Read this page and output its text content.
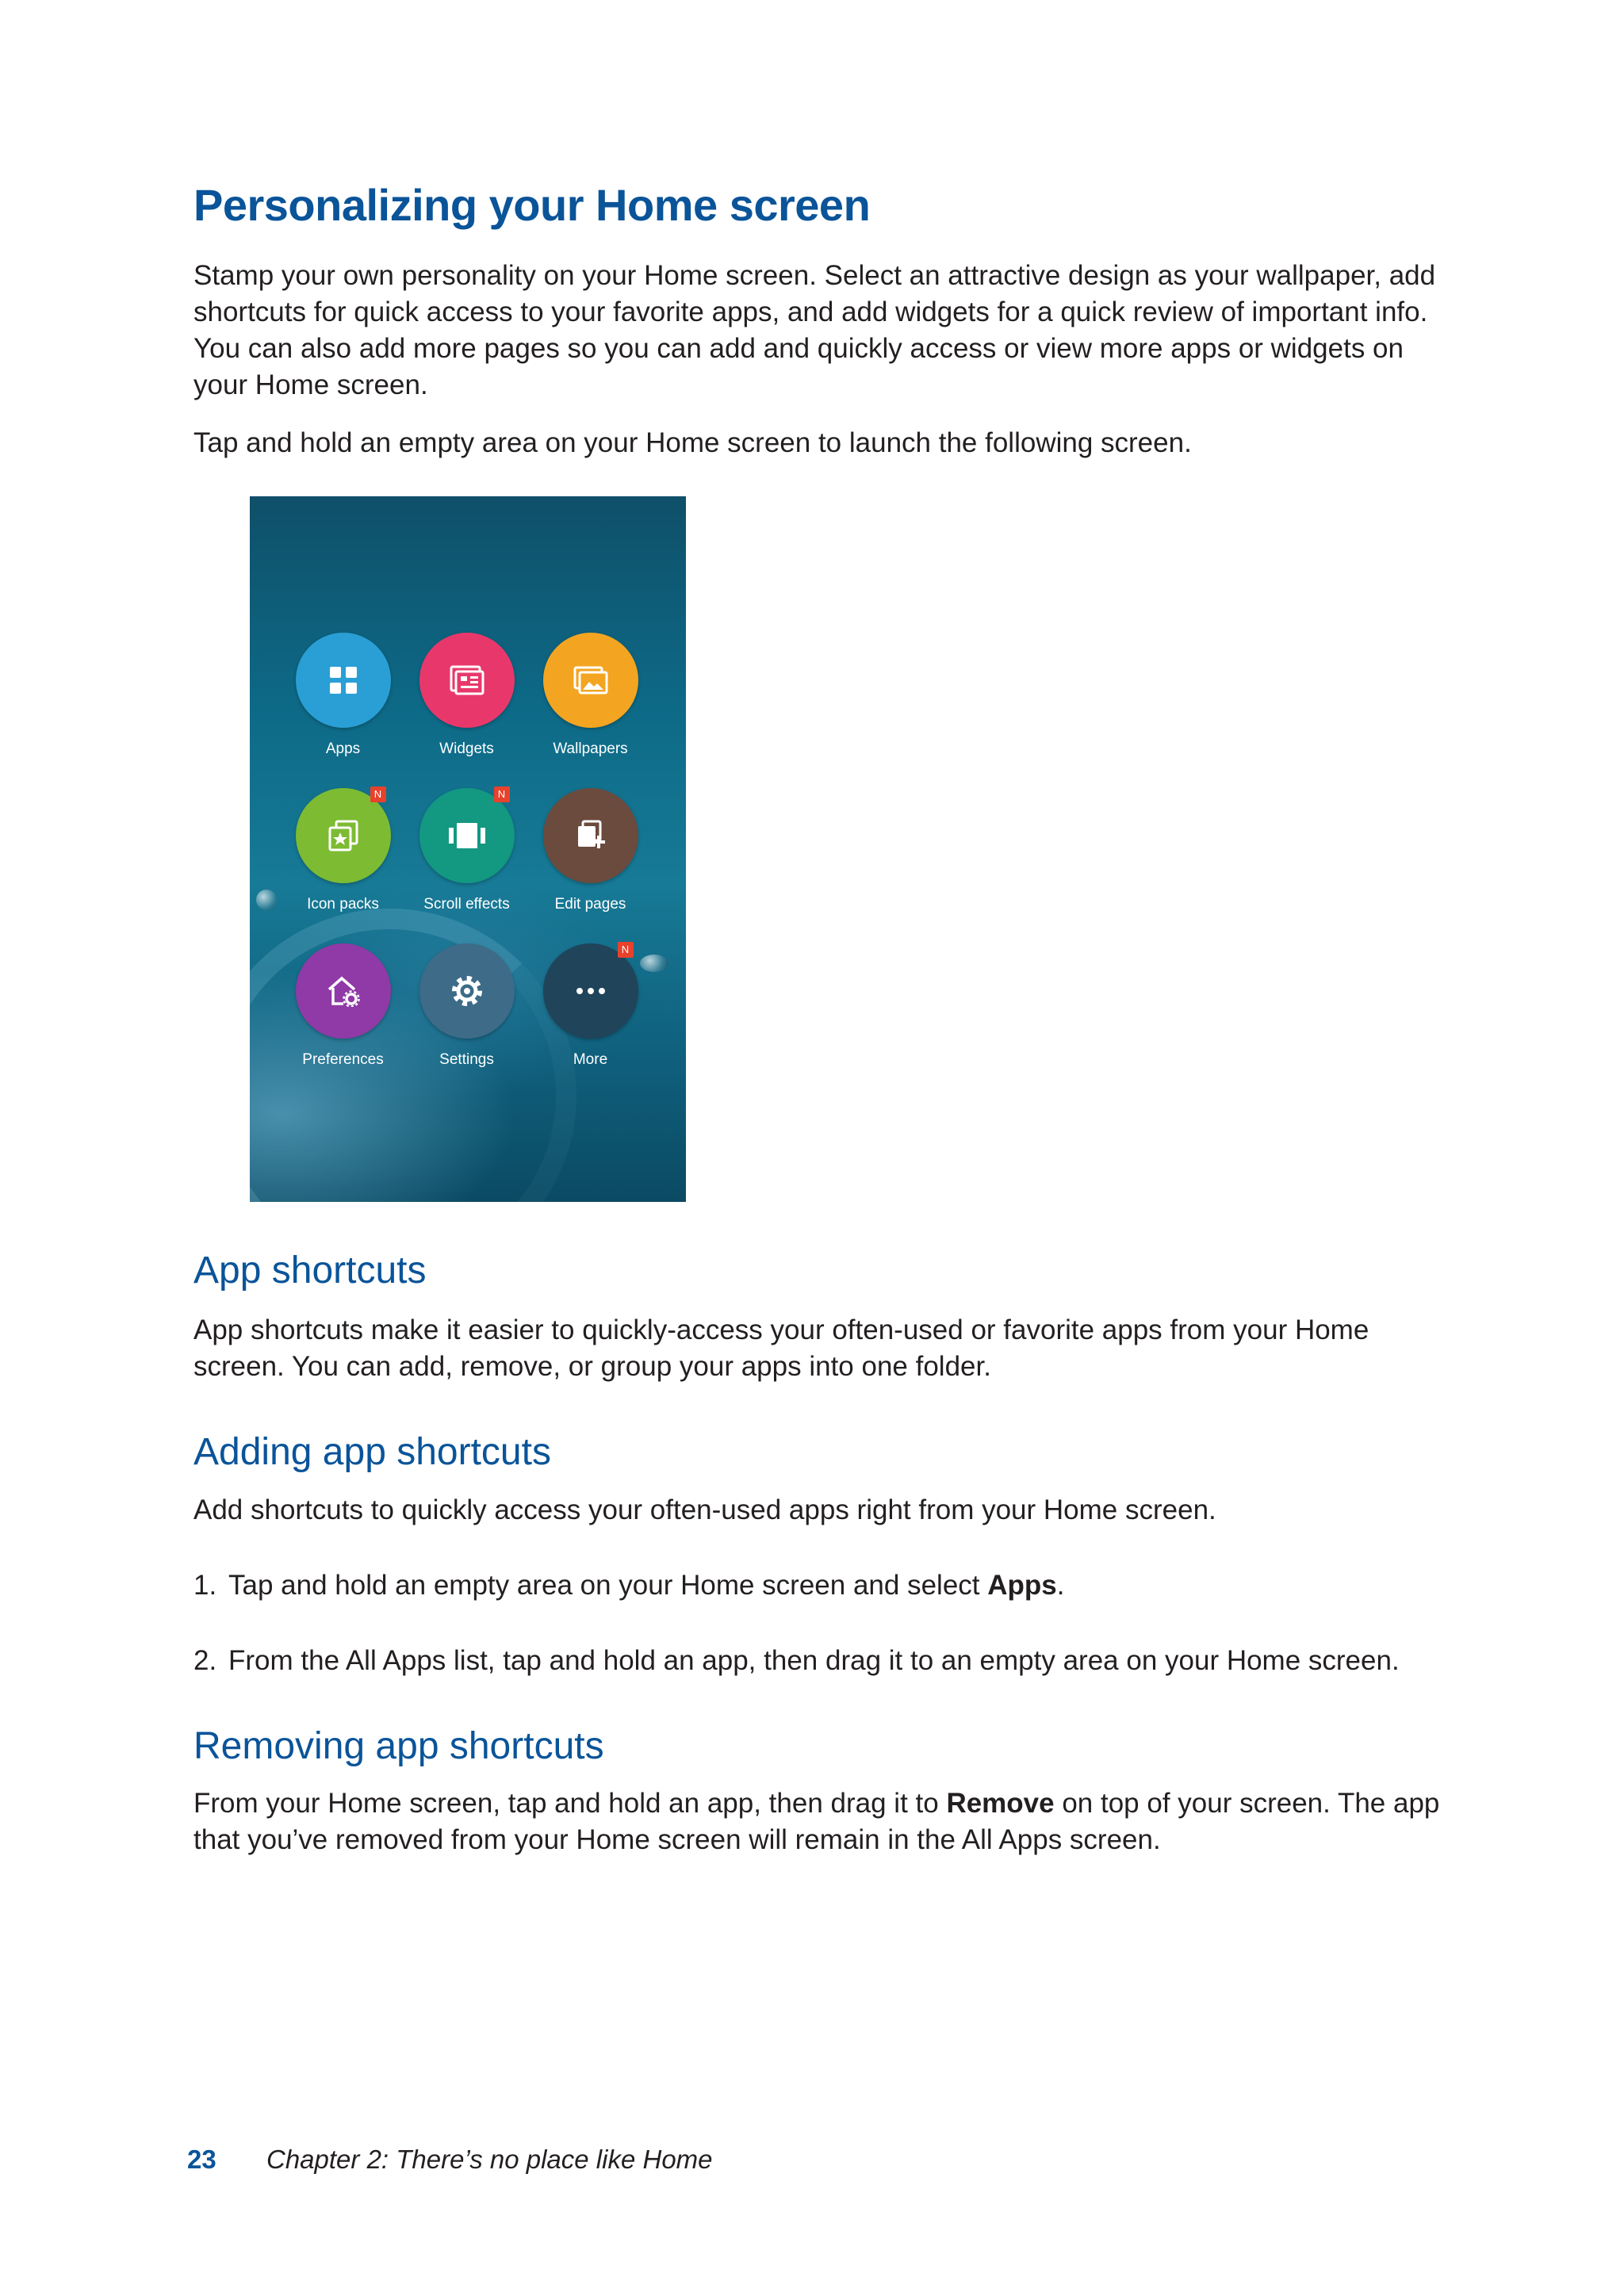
Personalizing your Home screen

Stamp your own personality on your Home screen. Select an attractive design as your wallpaper, add shortcuts for quick access to your favorite apps, and add widgets for a quick review of important info. You can also add more pages so you can add and quickly access or view more apps or widgets on your Home screen.

Tap and hold an empty area on your Home screen to launch the following screen.

Apps	Widgets	Wallpapers
N
Icon packs
N
Scroll effects	Edit pages
Preferences	Settings
N
More
App shortcuts

App shortcuts make it easier to quickly-access your often-used or favorite apps from your Home screen. You can add, remove, or group your apps into one folder.

Adding app shortcuts

Add shortcuts to quickly access your often-used apps right from your Home screen.

1. Tap and hold an empty area on your Home screen and select Apps.

2. From the All Apps list, tap and hold an app, then drag it to an empty area on your Home screen.

Removing app shortcuts

From your Home screen, tap and hold an app, then drag it to Remove on top of your screen. The app that you’ve removed from your Home screen will remain in the All Apps screen.

23 Chapter 2: There’s no place like Home
